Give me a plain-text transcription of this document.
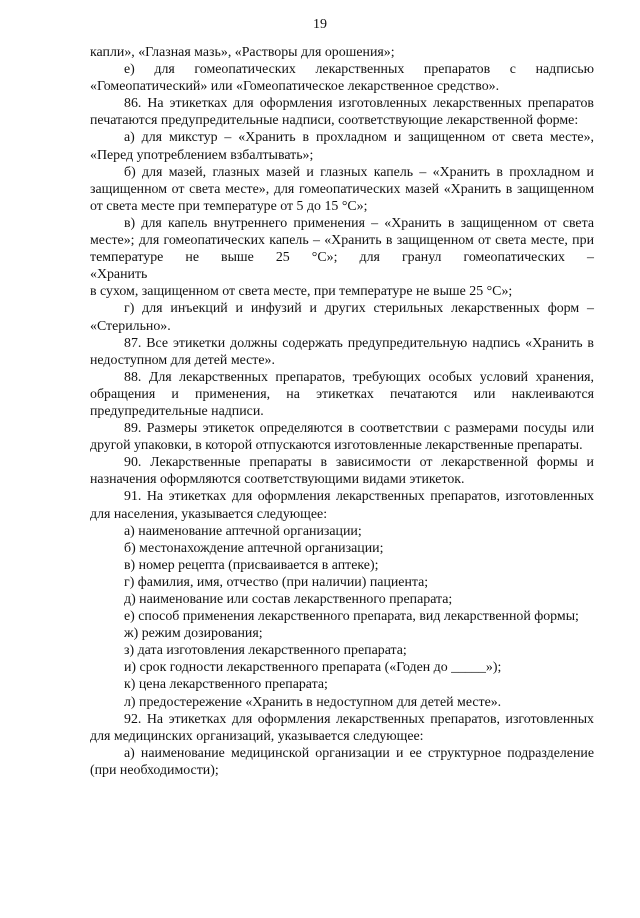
19

капли», «Глазная мазь», «Растворы для орошения»;

е) для гомеопатических лекарственных препаратов с надписью

«Гомеопатический» или «Гомеопатическое лекарственное средство».

86. На этикетках для оформления изготовленных лекарственных препаратов печатаются предупредительные надписи, соответствующие лекарственной форме:

а) для микстур – «Хранить в прохладном и защищенном от света месте», «Перед употреблением взбалтывать»;

б) для мазей, глазных мазей и глазных капель – «Хранить в прохладном и защищенном от света месте», для гомеопатических мазей «Хранить в защищенном от света месте при температуре от 5 до 15 °C»;

в) для капель внутреннего применения – «Хранить в защищенном от света месте»; для гомеопатических капель – «Хранить в защищенном от света месте, при температуре не выше 25 °C»; для гранул гомеопатических –

«Хранить

в сухом, защищенном от света месте, при температуре не выше 25 °C»;

г) для инъекций и инфузий и других стерильных лекарственных форм – «Стерильно».

87. Все этикетки должны содержать предупредительную надпись «Хранить в недоступном для детей месте».

88. Для лекарственных препаратов, требующих особых условий хранения, обращения и применения, на этикетках печатаются или наклеиваются предупредительные надписи.

89. Размеры этикеток определяются в соответствии с размерами посуды или другой упаковки, в которой отпускаются изготовленные лекарственные препараты.

90. Лекарственные препараты в зависимости от лекарственной формы и назначения оформляются соответствующими видами этикеток.

91. На этикетках для оформления лекарственных препаратов, изготовленных для населения, указывается следующее:

а) наименование аптечной организации;

б) местонахождение аптечной организации;

в) номер рецепта (присваивается в аптеке);

г) фамилия, имя, отчество (при наличии) пациента;

д) наименование или состав лекарственного препарата;

е) способ применения лекарственного препарата, вид лекарственной формы;

ж) режим дозирования;

з) дата изготовления лекарственного препарата;

и) срок годности лекарственного препарата («Годен до _____»);

к) цена лекарственного препарата;

л) предостережение «Хранить в недоступном для детей месте».

92. На этикетках для оформления лекарственных препаратов, изготовленных для медицинских организаций, указывается следующее:

а) наименование медицинской организации и ее структурное подразделение (при необходимости);
